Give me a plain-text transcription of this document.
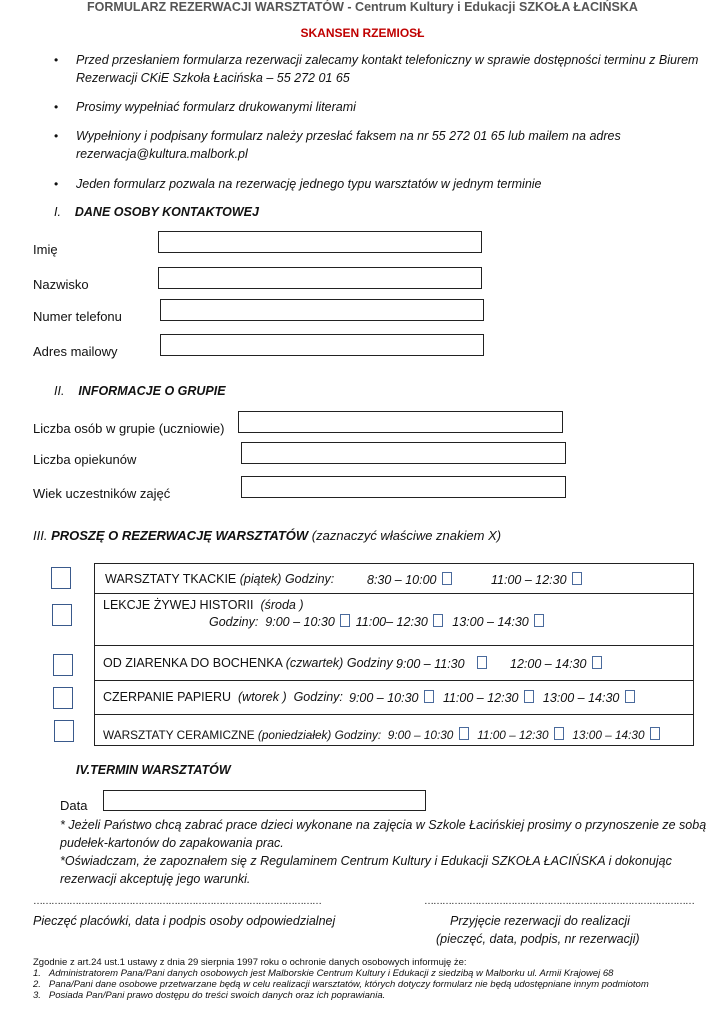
FORMULARZ REZERWACJI WARSZTATÓW - Centrum Kultury i Edukacji SZKOŁA ŁACIŃSKA
SKANSEN RZEMIOSŁ
• Przed przesłaniem formularza rezerwacji zalecamy kontakt telefoniczny w sprawie dostępności terminu z Biurem
Rezerwacji CKiE Szkoła Łacińska – 55 272 01 65
• Prosimy wypełniać formularz drukowanymi literami
• Wypełniony i podpisany formularz należy przesłać faksem na nr 55 272 01 65 lub mailem na adres
rezerwacja@kultura.malbork.pl
• Jeden formularz pozwala na rezerwację jednego typu warsztatów w jednym terminie
I. DANE OSOBY KONTAKTOWEJ
Imię
Nazwisko
Numer telefonu
Adres mailowy
II. INFORMACJE O GRUPIE
Liczba osób w grupie (uczniowie)
Liczba opiekunów
Wiek uczestników zajęć
III. PROSZĘ O REZERWACJĘ WARSZTATÓW (zaznaczyć właściwe znakiem X)
WARSZTATY TKACKIE (piątek) Godziny:	8:30 – 10:00	11:00 – 12:30
LEKCJE ŻYWEJ HISTORII (środa )
Godziny: 9:00 – 10:30 11:00– 12:30 13:00 – 14:30
OD ZIARENKA DO BOCHENKA (czwartek) Godziny :
9:00 – 11:30	12:00 – 14:30
CZERPANIE PAPIERU (wtorek ) Godziny: 9:00 – 10:30 11:00 – 12:30 13:00 – 14:30
WARSZTATY CERAMICZNE (poniedziałek) Godziny: 9:00 – 10:30 11:00 – 12:30 13:00 – 14:30
IV.TERMIN WARSZTATÓW
Data
* Jeżeli Państwo chcą zabrać prace dzieci wykonane na zajęcia w Szkole Łacińskiej prosimy o przynoszenie ze sobą
pudełek-kartonów do zapakowania prac.
*Oświadczam, że zapoznałem się z Regulaminem Centrum Kultury i Edukacji SZKOŁA ŁACIŃSKA i dokonując
rezerwacji akceptuję jego warunki.
……………………………………………………………………………………
Pieczęć placówki, data i podpis osoby odpowiedzialnej
………………………………………………………………………………
Przyjęcie rezerwacji do realizacji
(pieczęć, data, podpis, nr rezerwacji)
Zgodnie z art.24 ust.1 ustawy z dnia 29 sierpnia 1997 roku o ochronie danych osobowych informuję że:
1. Administratorem Pana/Pani danych osobowych jest Malborskie Centrum Kultury i Edukacji z siedzibą w Malborku ul. Armii Krajowej 68
2. Pana/Pani dane osobowe przetwarzane będą w celu realizacji warsztatów, których dotyczy formularz nie będą udostępniane innym podmiotom
3. Posiada Pan/Pani prawo dostępu do treści swoich danych oraz ich poprawiania.
